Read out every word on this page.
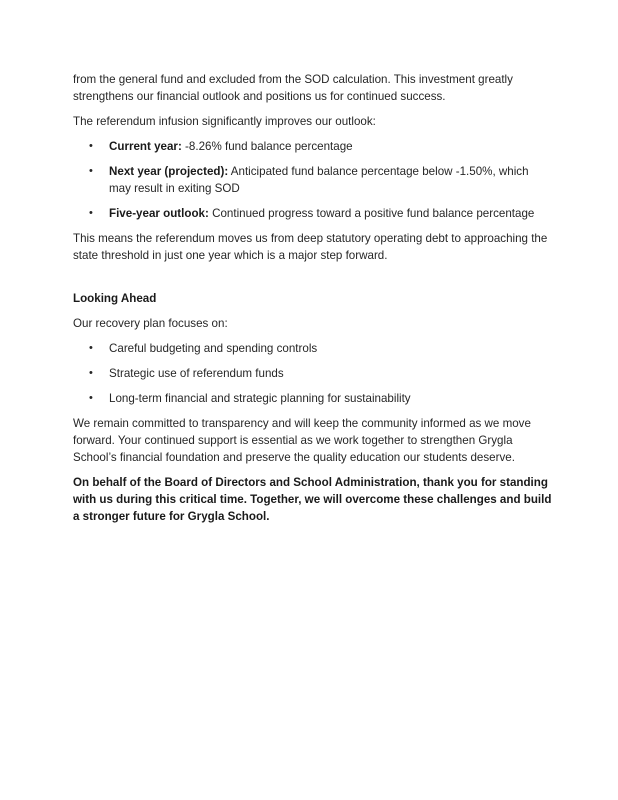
from the general fund and excluded from the SOD calculation. This investment greatly strengthens our financial outlook and positions us for continued success.

The referendum infusion significantly improves our outlook:

• Current year: -8.26% fund balance percentage
• Next year (projected): Anticipated fund balance percentage below -1.50%, which may result in exiting SOD
• Five-year outlook: Continued progress toward a positive fund balance percentage

This means the referendum moves us from deep statutory operating debt to approaching the state threshold in just one year which is a major step forward.

Looking Ahead

Our recovery plan focuses on:

• Careful budgeting and spending controls
• Strategic use of referendum funds
• Long-term financial and strategic planning for sustainability

We remain committed to transparency and will keep the community informed as we move forward. Your continued support is essential as we work together to strengthen Grygla School’s financial foundation and preserve the quality education our students deserve.

On behalf of the Board of Directors and School Administration, thank you for standing with us during this critical time. Together, we will overcome these challenges and build a stronger future for Grygla School.
